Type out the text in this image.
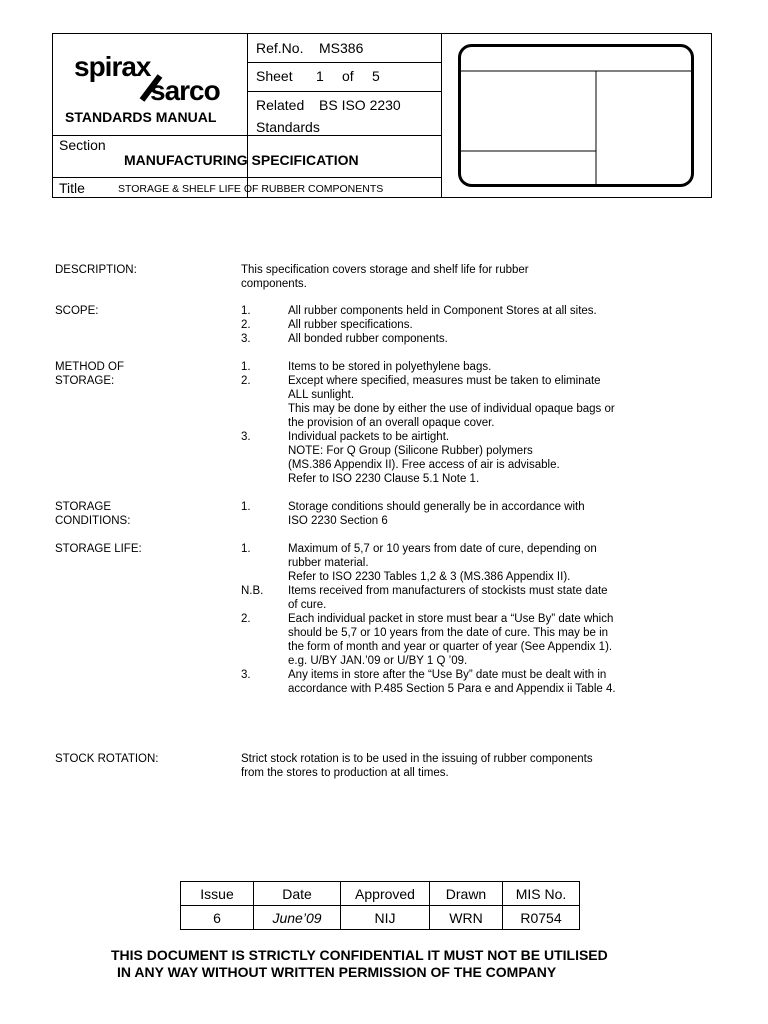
spirax
sarco
STANDARDS MANUAL
Ref.No. MS386
Sheet 1 of 5
Related BS ISO 2230
Standards
Section
MANUFACTURING SPECIFICATION
Title	STORAGE & SHELF LIFE OF RUBBER COMPONENTS
DESCRIPTION:	This specification covers storage and shelf life for rubber
components.
SCOPE:	1.	All rubber components held in Component Stores at all sites.
2.	All rubber specifications.
3.	All bonded rubber components.
METHOD OF
STORAGE:
1.	Items to be stored in polyethylene bags.
2.	Except where specified, measures must be taken to eliminate
ALL sunlight.
This may be done by either the use of individual opaque bags or
the provision of an overall opaque cover.
3.	Individual packets to be airtight.
NOTE: For Q Group (Silicone Rubber) polymers
(MS.386 Appendix II). Free access of air is advisable.
Refer to ISO 2230 Clause 5.1 Note 1.
STORAGE
CONDITIONS:
1.	Storage conditions should generally be in accordance with
ISO 2230 Section 6
STORAGE LIFE:	1.	Maximum of 5,7 or 10 years from date of cure, depending on
rubber material.
Refer to ISO 2230 Tables 1,2 & 3 (MS.386 Appendix II).
N.B. Items received from manufacturers of stockists must state date
of cure.
2.	Each individual packet in store must bear a “Use By” date which
should be 5,7 or 10 years from the date of cure. This may be in
the form of month and year or quarter of year (See Appendix 1).
e.g. U/BY JAN.’09 or U/BY 1 Q ’09.
3.	Any items in store after the “Use By” date must be dealt with in
accordance with P.485 Section 5 Para e and Appendix ii Table 4.
STOCK ROTATION:	Strict stock rotation is to be used in the issuing of rubber components
from the stores to production at all times.
Issue	Date	Approved	Drawn	MIS No.
6	June’09	NIJ	WRN	R0754
THIS DOCUMENT IS STRICTLY CONFIDENTIAL IT MUST NOT BE UTILISED
IN ANY WAY WITHOUT WRITTEN PERMISSION OF THE COMPANY
